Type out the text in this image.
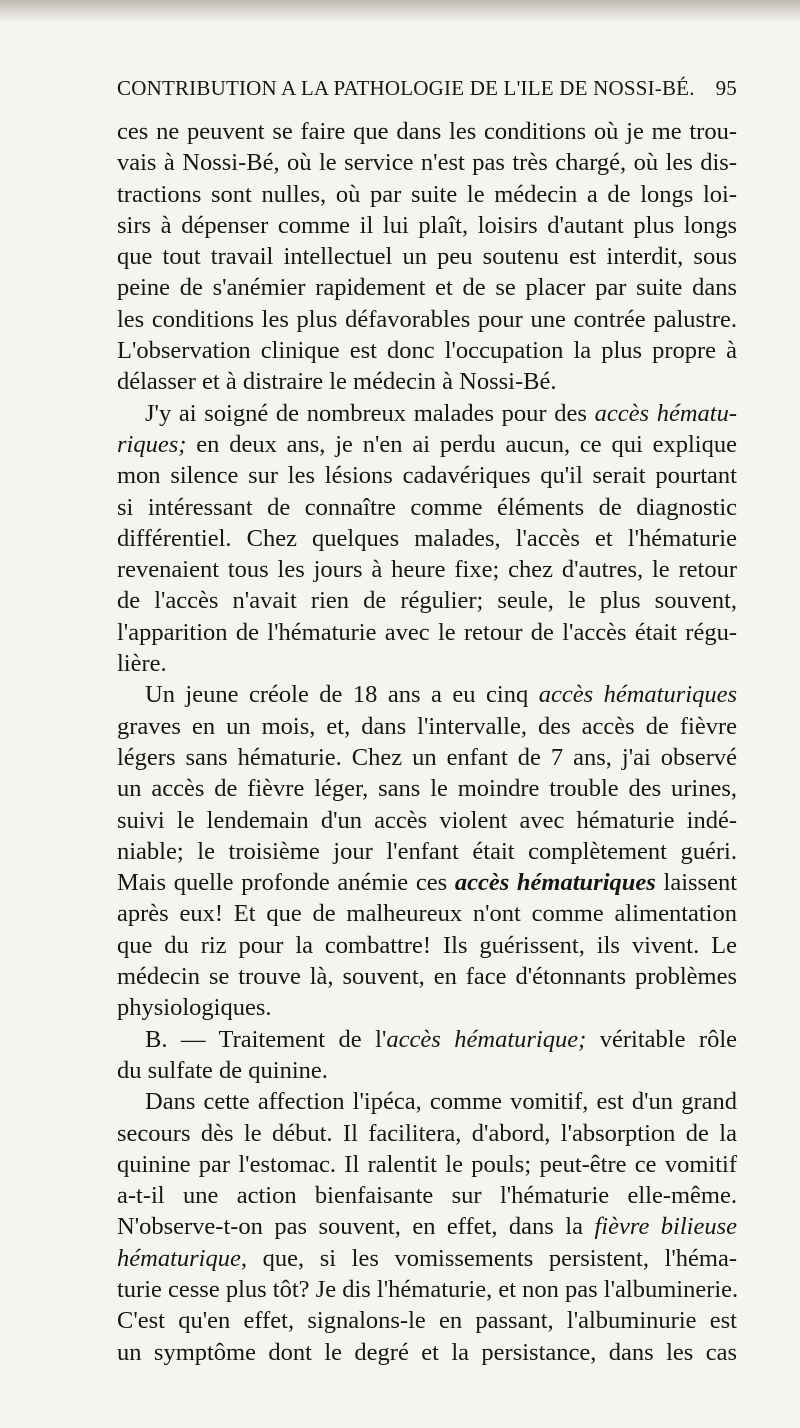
CONTRIBUTION A LA PATHOLOGIE DE L'ILE DE NOSSI-BÉ. 95
ces ne peuvent se faire que dans les conditions où je me trou-
vais à Nossi-Bé, où le service n'est pas très chargé, où les dis-
tractions sont nulles, où par suite le médecin a de longs loi-
sirs à dépenser comme il lui plaît, loisirs d'autant plus longs
que tout travail intellectuel un peu soutenu est interdit, sous
peine de s'anémier rapidement et de se placer par suite dans
les conditions les plus défavorables pour une contrée palustre.
L'observation clinique est donc l'occupation la plus propre à
délasser et à distraire le médecin à Nossi-Bé.
J'y ai soigné de nombreux malades pour des accès hématu-
riques; en deux ans, je n'en ai perdu aucun, ce qui explique
mon silence sur les lésions cadavériques qu'il serait pourtant
si intéressant de connaître comme éléments de diagnostic
différentiel. Chez quelques malades, l'accès et l'hématurie
revenaient tous les jours à heure fixe; chez d'autres, le retour
de l'accès n'avait rien de régulier; seule, le plus souvent,
l'apparition de l'hématurie avec le retour de l'accès était régu-
lière.
Un jeune créole de 18 ans a eu cinq accès hématuriques
graves en un mois, et, dans l'intervalle, des accès de fièvre
légers sans hématurie. Chez un enfant de 7 ans, j'ai observé
un accès de fièvre léger, sans le moindre trouble des urines,
suivi le lendemain d'un accès violent avec hématurie indé-
niable; le troisième jour l'enfant était complètement guéri.
Mais quelle profonde anémie ces accès hématuriques laissent
après eux! Et que de malheureux n'ont comme alimentation
que du riz pour la combattre! Ils guérissent, ils vivent. Le
médecin se trouve là, souvent, en face d'étonnants problèmes
physiologiques.
B. — Traitement de l'accès hématurique; véritable rôle
du sulfate de quinine.
Dans cette affection l'ipéca, comme vomitif, est d'un grand
secours dès le début. Il facilitera, d'abord, l'absorption de la
quinine par l'estomac. Il ralentit le pouls; peut-être ce vomitif
a-t-il une action bienfaisante sur l'hématurie elle-même.
N'observe-t-on pas souvent, en effet, dans la fièvre bilieuse
hématurique, que, si les vomissements persistent, l'héma-
turie cesse plus tôt? Je dis l'hématurie, et non pas l'albuminerie.
C'est qu'en effet, signalons-le en passant, l'albuminurie est
un symptôme dont le degré et la persistance, dans les cas
